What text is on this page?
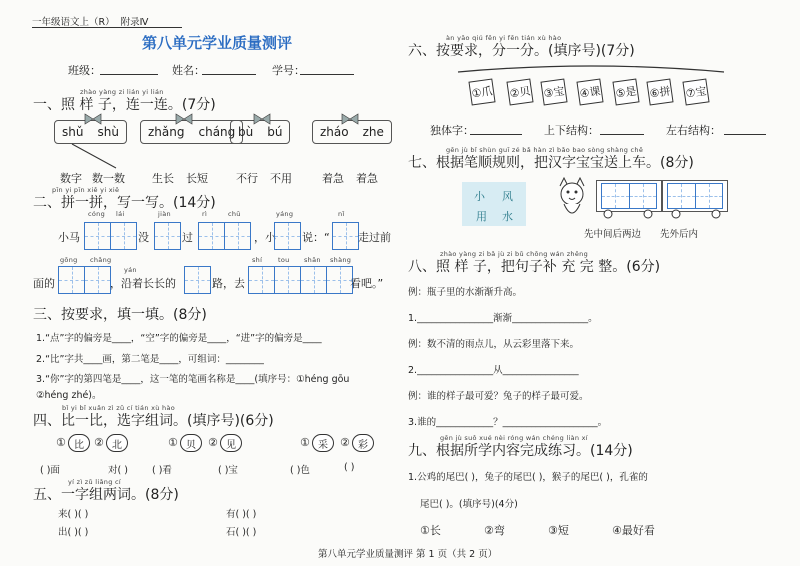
一年级语文上（R） 附录Ⅳ
第八单元学业质量测评
班级：	姓名：	学号：
zhào yàng zi lián yi lián
一、照 样 子，连一连。(7分)
shǔ	shù	zhǎng	cháng bù	bú	zháo	zhe
数字 数一数 生长 长短	不行 不用	着急 着急
pīn yi pīn xiě yi xiě
二、拼一拼，写一写。(14分)
cóng lái	jiàn	rì	chū	yáng	nǐ
小马	没	过	，小 说：“	走过前
gōng chǎng	shí tou shān shàng
面的
yán
，沿着长长的	路，去	看吧。”
三、按要求，填一填。(8分)
1.“点”字的偏旁是____，“空”字的偏旁是____，“进”字的偏旁是____
2.“比”字共____画，第二笔是____，可组词：________
3.“你”字的第四笔是____，这一笔的笔画名称是____(填序号：①héng gōu
②héng zhé)。
bǐ yi bǐ xuǎn zì zǔ cí tián xù hào
四、比一比，选字组词。(填序号)(6分)
① 比 ② 北	① 贝	② 见	① 采	② 彩
( )面	对( )	( )看	( )宝	( )色	( )
yí zì zǔ liǎng cí
五、一字组两词。(8分)
来( )( )	有( )( )
出( )( )	石( )( )
àn yāo qiú fēn yi fēn tián xù hào
六、按要求，分一分。(填序号)(7分)
①爪 ②贝 ③宝 ④课 ⑤是 ⑥拼 ⑦宝
独体字：	上下结构：	左右结构：
gēn jù bǐ shùn guī zé bǎ hàn zì bǎo bao sòng shàng chē
七、根据笔顺规则，把汉字宝宝送上车。(8分)
小 风
用 水
先中间后两边 先外后内
zhào yàng zi bǎ jù zi bǔ chōng wán zhěng
八、照 样 子，把句子补 充 完 整。(6分)
例：瓶子里的水渐渐升高。
1.________________渐渐________________。
例：数不清的雨点儿，从云彩里落下来。
2.________________从________________
例：谁的样子最可爱？兔子的样子最可爱。
3.谁的____________？____________________。
gēn jù suǒ xué nèi róng wán chéng liàn xí
九、根据所学内容完成练习。(14分)
1.公鸡的尾巴( )，兔子的尾巴( )，猴子的尾巴( )，孔雀的
尾巴( )。(填序号)(4分)
①长	②弯	③短	④最好看
第八单元学业质量测评 第 1 页（共 2 页）
